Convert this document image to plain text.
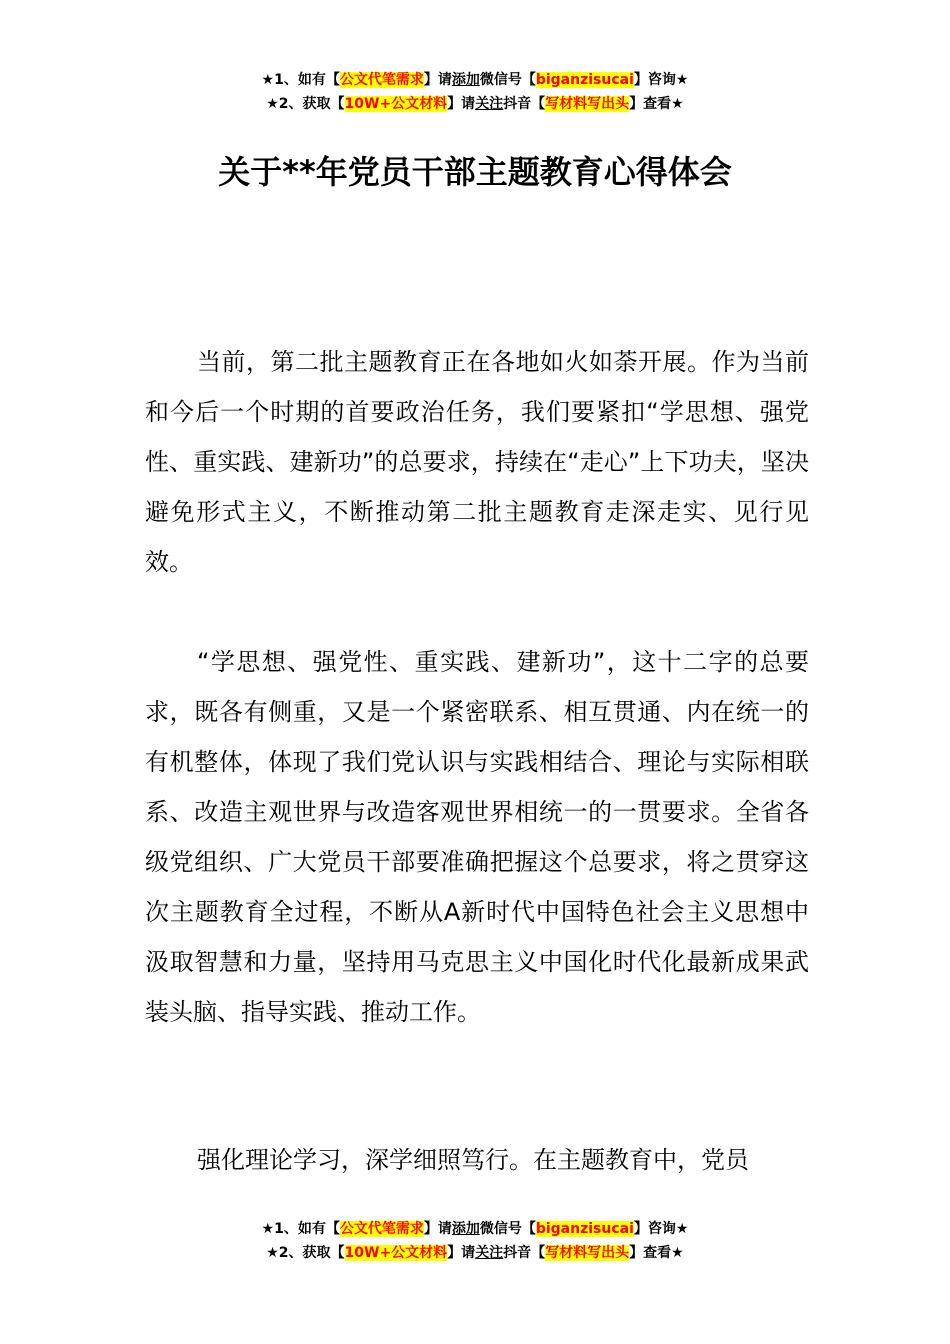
★1、如有【公文代笔需求】请添加微信号【biganzisucai】咨询★
★2、获取【10W+公文材料】请关注抖音【写材料写出头】查看★
关于**年党员干部主题教育心得体会

当前，第二批主题教育正在各地如火如荼开展。作为当前和今后一个时期的首要政治任务，我们要紧扣“学思想、强党性、重实践、建新功”的总要求，持续在“走心”上下功夫，坚决避免形式主义，不断推动第二批主题教育走深走实、见行见效。

“学思想、强党性、重实践、建新功”，这十二字的总要求，既各有侧重，又是一个紧密联系、相互贯通、内在统一的有机整体，体现了我们党认识与实践相结合、理论与实际相联系、改造主观世界与改造客观世界相统一的一贯要求。全省各级党组织、广大党员干部要准确把握这个总要求，将之贯穿这次主题教育全过程，不断从A新时代中国特色社会主义思想中汲取智慧和力量，坚持用马克思主义中国化时代化最新成果武装头脑、指导实践、推动工作。

强化理论学习，深学细照笃行。在主题教育中，党员

★1、如有【公文代笔需求】请添加微信号【biganzisucai】咨询★
★2、获取【10W+公文材料】请关注抖音【写材料写出头】查看★
